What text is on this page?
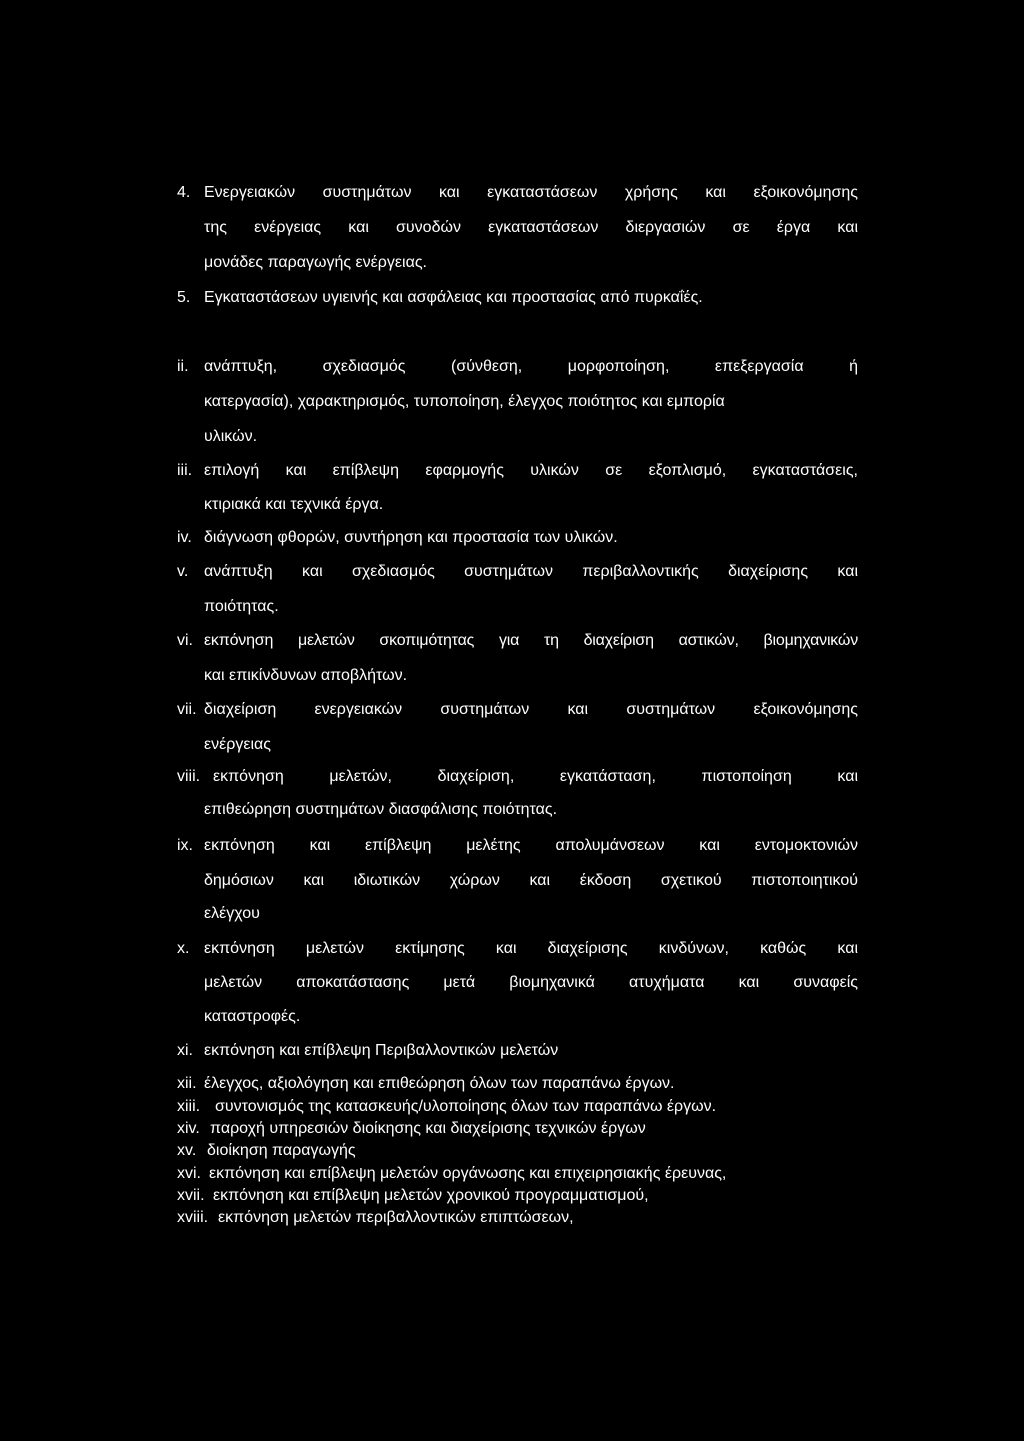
4. Ενεργειακών συστημάτων και εγκαταστάσεων χρήσης και εξοικονόμησης
της ενέργειας και συνοδών εγκαταστάσεων διεργασιών σε έργα και
μονάδες παραγωγής ενέργειας.
5. Εγκαταστάσεων υγιεινής και ασφάλειας και προστασίας από πυρκαΐές.
ii. ανάπτυξη, σχεδιασμός (σύνθεση, μορφοποίηση, επεξεργασία ή
κατεργασία), χαρακτηρισμός, τυποποίηση, έλεγχος ποιότητος και εμπορία
υλικών.
iii. επιλογή και επίβλεψη εφαρμογής υλικών σε εξοπλισμό, εγκαταστάσεις,
κτιριακά και τεχνικά έργα.
iv. διάγνωση φθορών, συντήρηση και προστασία των υλικών.
v. ανάπτυξη και σχεδιασμός συστημάτων περιβαλλοντικής διαχείρισης και
ποιότητας.
vi. εκπόνηση μελετών σκοπιμότητας για τη διαχείριση αστικών, βιομηχανικών
και επικίνδυνων αποβλήτων.
vii. διαχείριση ενεργειακών συστημάτων και συστημάτων εξοικονόμησης
ενέργειας
viii. εκπόνηση μελετών, διαχείριση, εγκατάσταση, πιστοποίηση και
επιθεώρηση συστημάτων διασφάλισης ποιότητας.
ix. εκπόνηση και επίβλεψη μελέτης απολυμάνσεων και εντομοκτονιών
δημόσιων και ιδιωτικών χώρων και έκδοση σχετικού πιστοποιητικού
ελέγχου
x. εκπόνηση μελετών εκτίμησης και διαχείρισης κινδύνων, καθώς και
μελετών αποκατάστασης μετά βιομηχανικά ατυχήματα και συναφείς
καταστροφές.
xi. εκπόνηση και επίβλεψη Περιβαλλοντικών μελετών
xii. έλεγχος, αξιολόγηση και επιθεώρηση όλων των παραπάνω έργων.
xiii. συντονισμός της κατασκευής/υλοποίησης όλων των παραπάνω έργων.
xiv. παροχή υπηρεσιών διοίκησης και διαχείρισης τεχνικών έργων
xv. διοίκηση παραγωγής
xvi. εκπόνηση και επίβλεψη μελετών οργάνωσης και επιχειρησιακής έρευνας,
xvii. εκπόνηση και επίβλεψη μελετών χρονικού προγραμματισμού,
xviii. εκπόνηση μελετών περιβαλλοντικών επιπτώσεων,
